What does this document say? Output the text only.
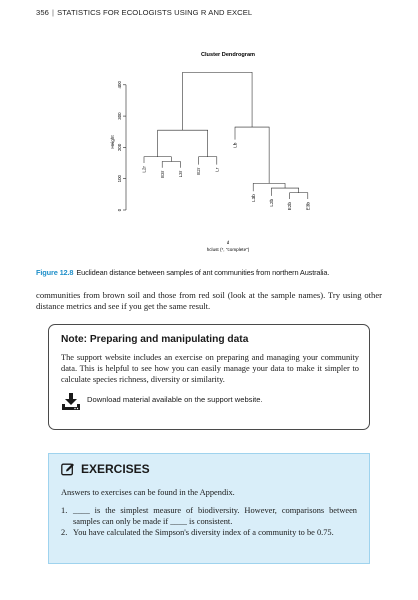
356 | STATISTICS FOR ECOLOGISTS USING R AND EXCEL
Cluster Dendrogram
Height
d
hclust (*, "complete")
0
100
200
300
400
L2r
E3r	L3r	E2r	Lr
Lb
L3b
L2b	E2b	E3b
Figure 12.8 Euclidean distance between samples of ant communities from northern Australia.

communities from brown soil and those from red soil (look at the sample names). Try using other distance metrics and see if you get the same result.

Note: Preparing and manipulating data

The support website includes an exercise on preparing and managing your community data. This is helpful to see how you can easily manage your data to make it simpler to calculate species richness, diversity or similarity.

Download material available on the support website.
EXERCISES

Answers to exercises can be found in the Appendix.

1. ____ is the simplest measure of biodiversity. However, comparisons between samples can only be made if ____ is consistent.
2. You have calculated the Simpson's diversity index of a community to be 0.75.
